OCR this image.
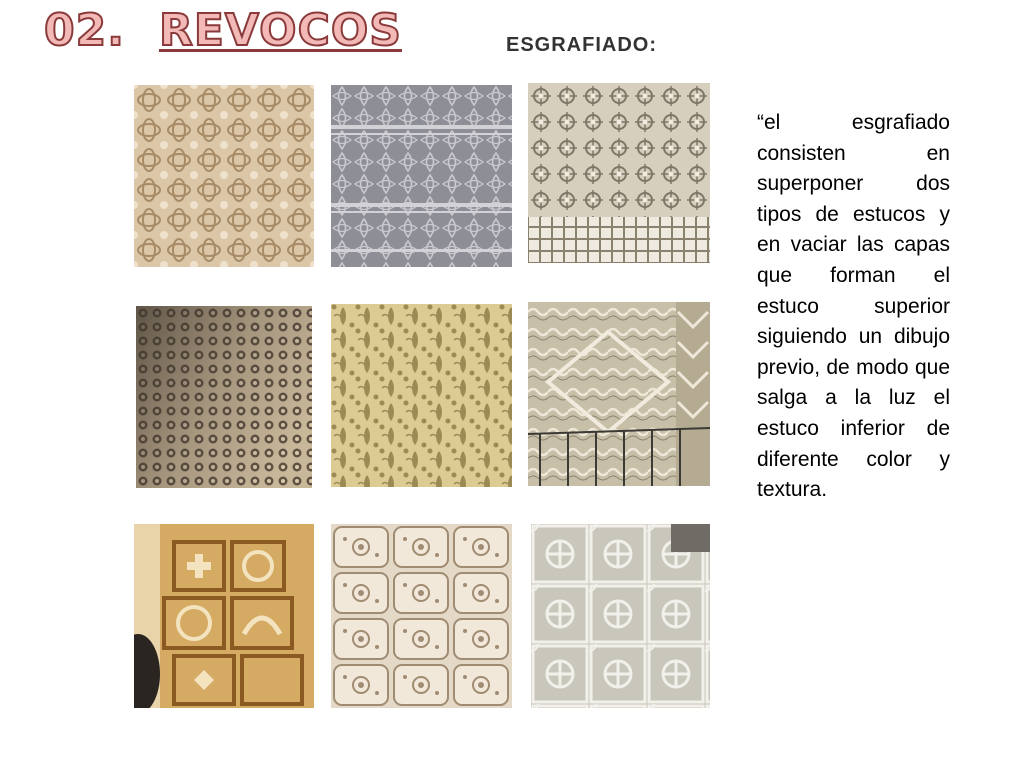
02. REVOCOS	ESGRAFIADO:

“el esgrafiado consisten en superponer dos tipos de estucos y en vaciar las capas que forman el estuco superior siguiendo un dibujo previo, de modo que salga a la luz el estuco inferior de diferente color y textura.
